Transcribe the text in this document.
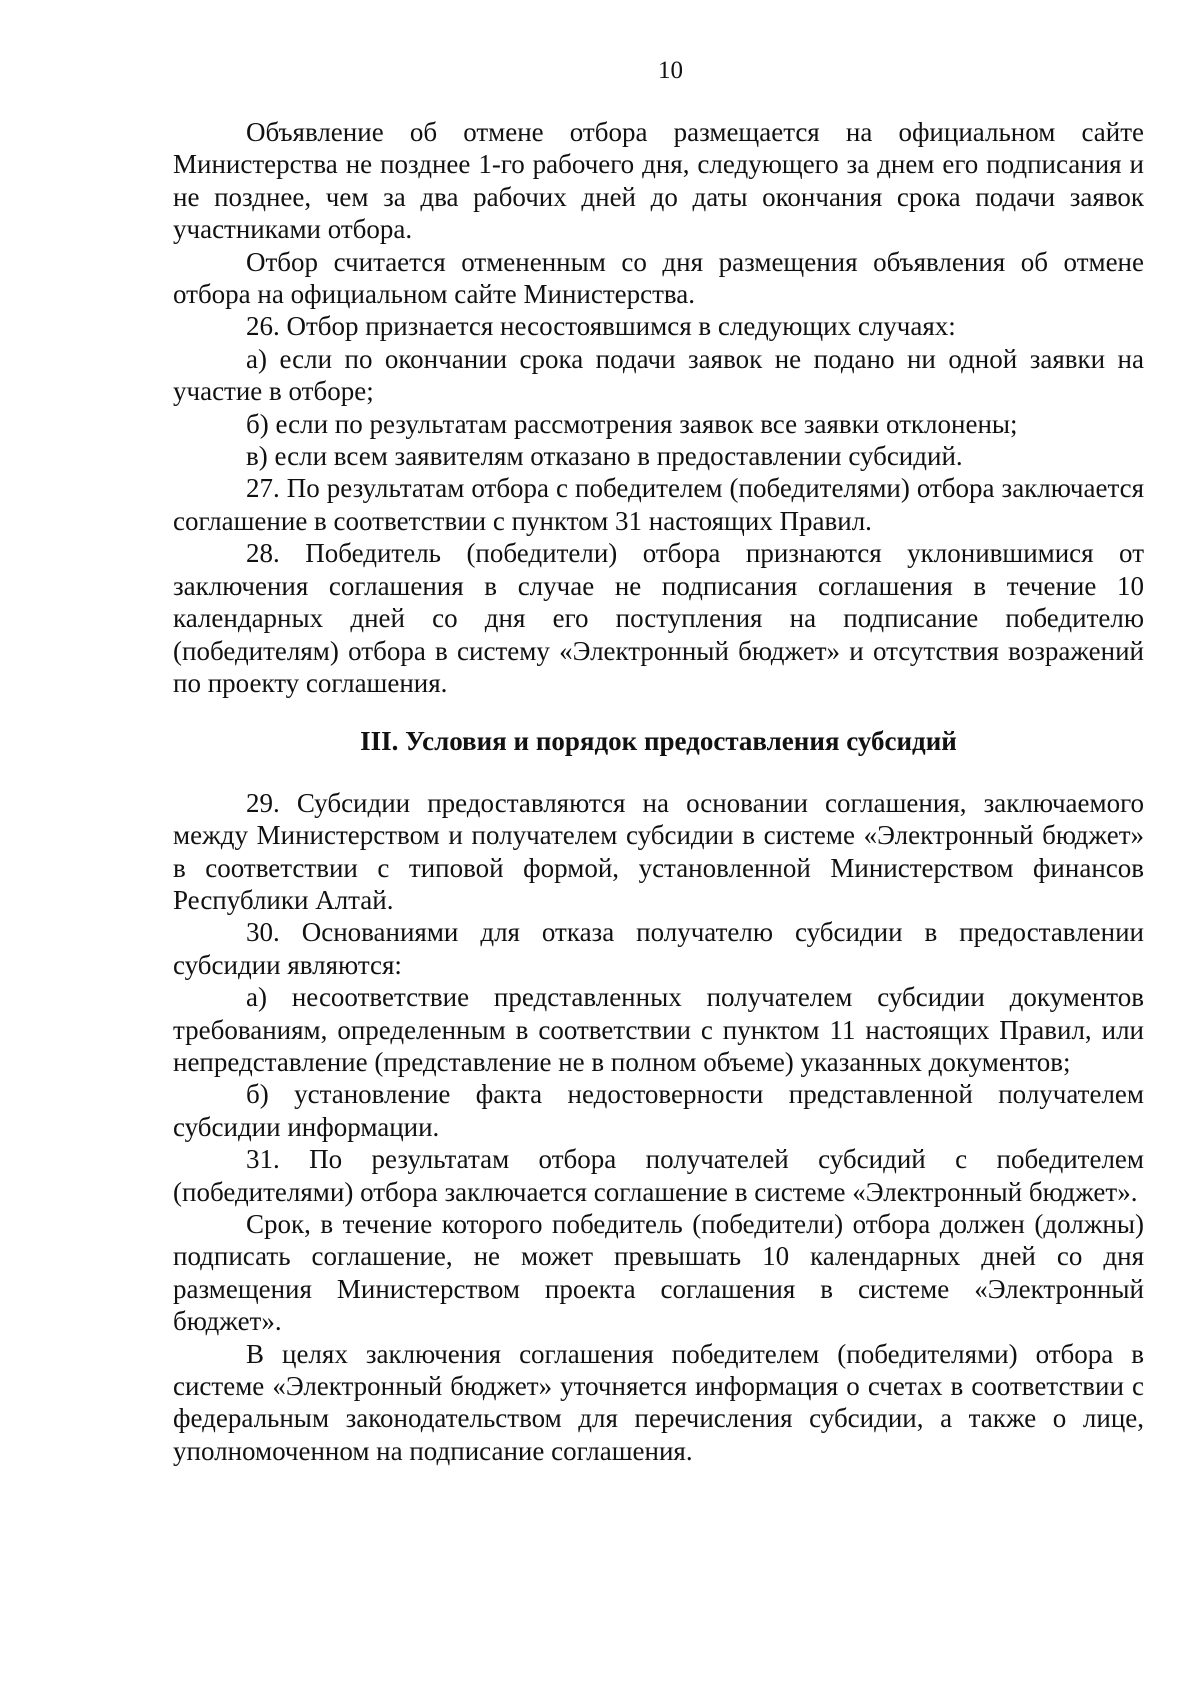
10

Объявление об отмене отбора размещается на официальном сайте Министерства не позднее 1-го рабочего дня, следующего за днем его подписания и не позднее, чем за два рабочих дней до даты окончания срока подачи заявок участниками отбора.

Отбор считается отмененным со дня размещения объявления об отмене отбора на официальном сайте Министерства.

26. Отбор признается несостоявшимся в следующих случаях:

а) если по окончании срока подачи заявок не подано ни одной заявки на участие в отборе;

б) если по результатам рассмотрения заявок все заявки отклонены;

в) если всем заявителям отказано в предоставлении субсидий.

27. По результатам отбора с победителем (победителями) отбора заключается соглашение в соответствии с пунктом 31 настоящих Правил.

28. Победитель (победители) отбора признаются уклонившимися от заключения соглашения в случае не подписания соглашения в течение 10 календарных дней со дня его поступления на подписание победителю (победителям) отбора в систему «Электронный бюджет» и отсутствия возражений по проекту соглашения.

III. Условия и порядок предоставления субсидий

29. Субсидии предоставляются на основании соглашения, заключаемого между Министерством и получателем субсидии в системе «Электронный бюджет» в соответствии с типовой формой, установленной Министерством финансов Республики Алтай.

30. Основаниями для отказа получателю субсидии в предоставлении субсидии являются:

а) несоответствие представленных получателем субсидии документов требованиям, определенным в соответствии с пунктом 11 настоящих Правил, или непредставление (представление не в полном объеме) указанных документов;

б) установление факта недостоверности представленной получателем субсидии информации.

31. По результатам отбора получателей субсидий с победителем (победителями) отбора заключается соглашение в системе «Электронный бюджет».

Срок, в течение которого победитель (победители) отбора должен (должны) подписать соглашение, не может превышать 10 календарных дней со дня размещения Министерством проекта соглашения в системе «Электронный бюджет».

В целях заключения соглашения победителем (победителями) отбора в системе «Электронный бюджет» уточняется информация о счетах в соответствии с федеральным законодательством для перечисления субсидии, а также о лице, уполномоченном на подписание соглашения.
